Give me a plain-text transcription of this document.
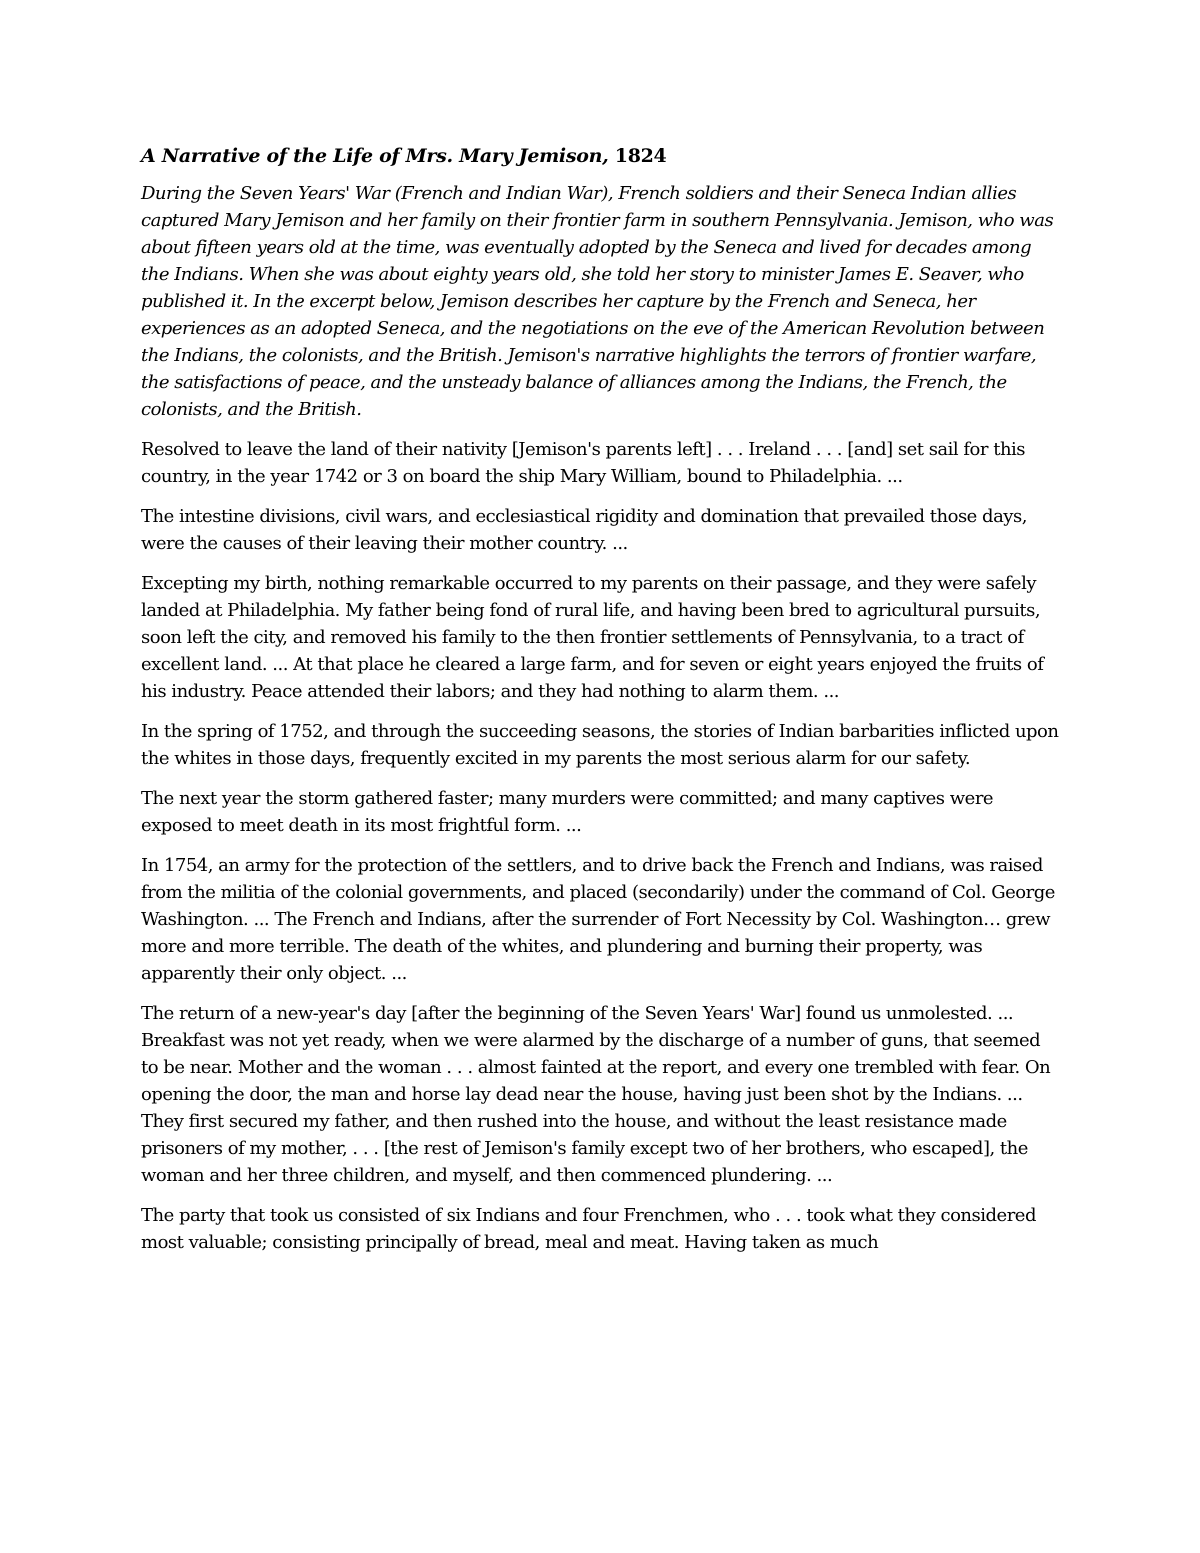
A Narrative of the Life of Mrs. Mary Jemison, 1824

During the Seven Years' War (French and Indian War), French soldiers and their Seneca Indian allies captured Mary Jemison and her family on their frontier farm in southern Pennsylvania. Jemison, who was about fifteen years old at the time, was eventually adopted by the Seneca and lived for decades among the Indians. When she was about eighty years old, she told her story to minister James E. Seaver, who published it. In the excerpt below, Jemison describes her capture by the French and Seneca, her experiences as an adopted Seneca, and the negotiations on the eve of the American Revolution between the Indians, the colonists, and the British. Jemison's narrative highlights the terrors of frontier warfare, the satisfactions of peace, and the unsteady balance of alliances among the Indians, the French, the colonists, and the British.

Resolved to leave the land of their nativity [Jemison's parents left] . . . Ireland . . . [and] set sail for this country, in the year 1742 or 3 on board the ship Mary William, bound to Philadelphia. ...

The intestine divisions, civil wars, and ecclesiastical rigidity and domination that prevailed those days, were the causes of their leaving their mother country. ...

Excepting my birth, nothing remarkable occurred to my parents on their passage, and they were safely landed at Philadelphia. My father being fond of rural life, and having been bred to agricultural pursuits, soon left the city, and removed his family to the then frontier settlements of Pennsylvania, to a tract of excellent land. ... At that place he cleared a large farm, and for seven or eight years enjoyed the fruits of his industry. Peace attended their labors; and they had nothing to alarm them. ...

In the spring of 1752, and through the succeeding seasons, the stories of Indian barbarities inflicted upon the whites in those days, frequently excited in my parents the most serious alarm for our safety.

The next year the storm gathered faster; many murders were committed; and many captives were exposed to meet death in its most frightful form. ...

In 1754, an army for the protection of the settlers, and to drive back the French and Indians, was raised from the militia of the colonial governments, and placed (secondarily) under the command of Col. George Washington. ... The French and Indians, after the surrender of Fort Necessity by Col. Washington… grew more and more terrible. The death of the whites, and plundering and burning their property, was apparently their only object. ...

The return of a new-year's day [after the beginning of the Seven Years' War] found us unmolested. ... Breakfast was not yet ready, when we were alarmed by the discharge of a number of guns, that seemed to be near. Mother and the woman . . . almost fainted at the report, and every one trembled with fear. On opening the door, the man and horse lay dead near the house, having just been shot by the Indians. ... They first secured my father, and then rushed into the house, and without the least resistance made prisoners of my mother, . . . [the rest of Jemison's family except two of her brothers, who escaped], the woman and her three children, and myself, and then commenced plundering. ...

The party that took us consisted of six Indians and four Frenchmen, who . . . took what they considered most valuable; consisting principally of bread, meal and meat. Having taken as much
